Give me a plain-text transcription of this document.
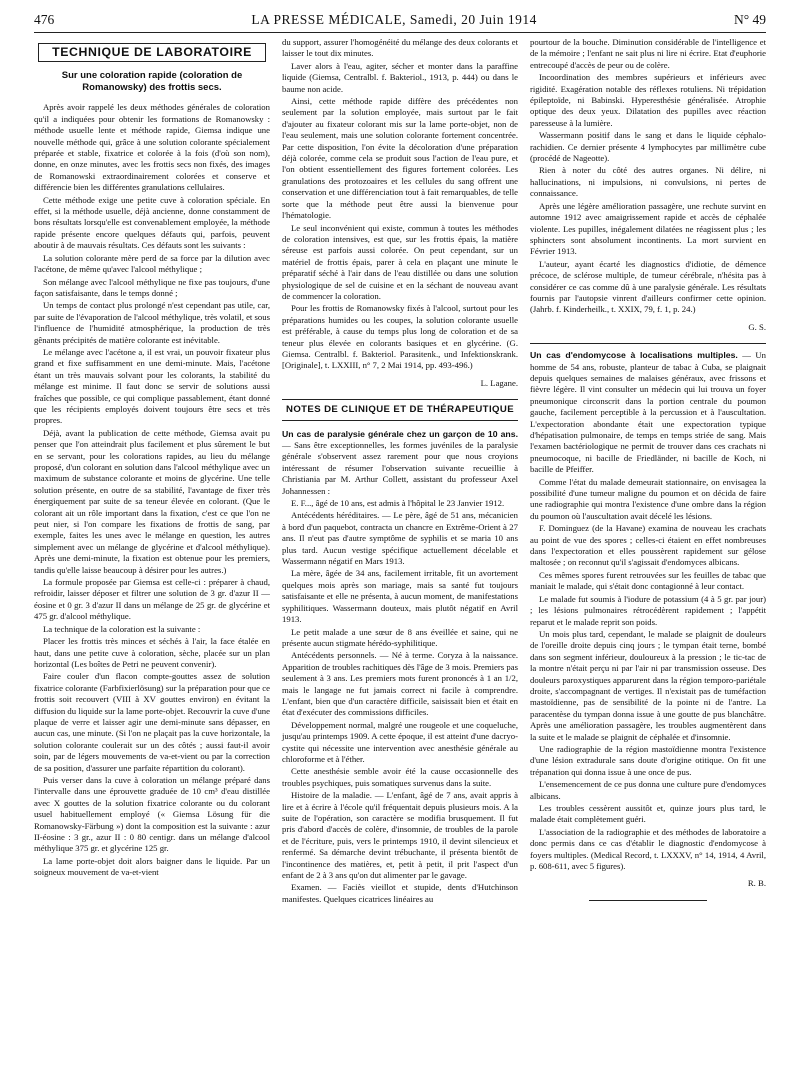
476	LA PRESSE MÉDICALE, Samedi, 20 Juin 1914	N° 49
TECHNIQUE DE LABORATOIRE
Sur une coloration rapide (coloration de Romanowsky) des frottis secs.

Après avoir rappelé les deux méthodes générales de coloration qu'il a indiquées pour obtenir les formations de Romanowsky : méthode usuelle lente et méthode rapide, Giemsa indique une nouvelle méthode qui, grâce à une solution colorante spécialement préparée et stable, fixatrice et colorée à la fois (d'où son nom), donne, en onze minutes, avec les frottis secs non fixés, des images de Romanowski extraordinairement colorées et conserve et différencie bien les différentes granulations cellulaires.

Cette méthode exige une petite cuve à coloration spéciale. En effet, si la méthode usuelle, déjà ancienne, donne constamment de bons résultats lorsqu'elle est convenablement employée, la méthode rapide présente encore quelques défauts qui, parfois, peuvent aboutir à de mauvais résultats. Ces défauts sont les suivants :

La solution colorante mère perd de sa force par la dilution avec l'acétone, de même qu'avec l'alcool méthylique ;

Son mélange avec l'alcool méthylique ne fixe pas toujours, d'une façon satisfaisante, dans le temps donné ;

Un temps de contact plus prolongé n'est cependant pas utile, car, par suite de l'évaporation de l'alcool méthylique, très volatil, et sous l'influence de l'humidité atmosphérique, la production de très gênants précipités de matière colorante est inévitable.

Le mélange avec l'acétone a, il est vrai, un pouvoir fixateur plus grand et fixe suffisamment en une demi-minute. Mais, l'acétone étant un très mauvais solvant pour les colorants, la stabilité du mélange est minime. Il faut donc se servir de solutions aussi fraîches que possible, ce qui complique passablement, étant donné que les récipients employés doivent toujours être secs et très propres.

Déjà, avant la publication de cette méthode, Giemsa avait pu penser que l'on atteindrait plus facilement et plus sûrement le but en se servant, pour les colorations rapides, au lieu du mélange proposé, d'un colorant en solution dans l'alcool méthylique avec un maximum de substance colorante et moins de glycérine. Une telle solution présente, en outre de sa stabilité, l'avantage de fixer très énergiquement par suite de sa teneur élevée en colorant. (Que le colorant ait un rôle important dans la fixation, c'est ce que l'on ne peut nier, si l'on compare les fixations de frottis de sang, par exemple, faites les unes avec le mélange en question, les autres simplement avec un mélange de glycérine et d'alcool méthylique). Après une demi-minute, la fixation est obtenue pour les premiers, tandis qu'elle laisse beaucoup à désirer pour les autres.)

La formule proposée par Giemsa est celle-ci : préparer à chaud, refroidir, laisser déposer et filtrer une solution de 3 gr. d'azur II — éosine et 0 gr. 3 d'azur II dans un mélange de 25 gr. de glycérine et 475 gr. d'alcool méthylique.

La technique de la coloration est la suivante :

Placer les frottis très minces et séchés à l'air, la face étalée en haut, dans une petite cuve à coloration, sèche, placée sur un plan horizontal (Les boîtes de Petri ne peuvent convenir).

Faire couler d'un flacon compte-gouttes assez de solution fixatrice colorante (Farbfixierlösung) sur la préparation pour que ce frottis soit recouvert (VIII à XV gouttes environ) en évitant la diffusion du liquide sur la lame porte-objet. Recouvrir la cuve d'une plaque de verre et laisser agir une demi-minute sans dépasser, en aucun cas, une minute. (Si l'on ne plaçait pas la cuve horizontale, la solution colorante coulerait sur un des côtés ; aussi faut-il avoir soin, par de légers mouvements de va-et-vient ou par la correction de sa position, d'assurer une parfaite répartition du colorant).

Puis verser dans la cuve à coloration un mélange préparé dans l'intervalle dans une éprouvette graduée de 10 cm³ d'eau distillée avec X gouttes de la solution fixatrice colorante ou du colorant usuel habituellement employé (« Giemsa Lösung für die Romanowsky-Färbung ») dont la composition est la suivante : azur II-éosine : 3 gr., azur II : 0 80 centigr. dans un mélange d'alcool méthylique 375 gr. et glycérine 125 gr.

La lame porte-objet doit alors baigner dans le liquide. Par un soigneux mouvement de va-et-vient

du support, assurer l'homogénéité du mélange des deux colorants et laisser le tout dix minutes.

Laver alors à l'eau, agiter, sécher et monter dans la paraffine liquide (Giemsa, Centralbl. f. Bakteriol., 1913, p. 444) ou dans le baume non acide.

Ainsi, cette méthode rapide diffère des précédentes non seulement par la solution employée, mais surtout par le fait d'ajouter au fixateur colorant mis sur la lame porte-objet, non de l'eau seulement, mais une solution colorante fortement concentrée. Par cette disposition, l'on évite la décoloration d'une préparation déjà colorée, comme cela se produit sous l'action de l'eau pure, et l'on obtient essentiellement des figures fortement colorées. Les granulations des protozoaires et les cellules du sang offrent une conservation et une différenciation tout à fait remarquables, de telle sorte que la méthode peut être aussi la bienvenue pour l'hématologie.

Le seul inconvénient qui existe, commun à toutes les méthodes de coloration intensives, est que, sur les frottis épais, la matière séreuse est parfois aussi colorée. On peut cependant, sur un matériel de frottis épais, parer à cela en plaçant une minute le préparatif séché à l'air dans de l'eau distillée ou dans une solution physiologique de sel de cuisine et en la séchant de nouveau avant de commencer la coloration.

Pour les frottis de Romanowsky fixés à l'alcool, surtout pour les préparations humides ou les coupes, la solution colorante usuelle est préférable, à cause du temps plus long de coloration et de sa teneur plus élevée en colorants basiques et en glycérine. (G. Giemsa. Centralbl. f. Bakteriol. Parasitenk., und Infektionskrank. [Originale], t. LXXIII, n° 7, 2 Mai 1914, pp. 493-496.)

L. Lagane.

NOTES DE CLINIQUE ET DE THÉRAPEUTIQUE

Un cas de paralysie générale chez un garçon de 10 ans. — Sans être exceptionnelles, les formes juvéniles de la paralysie générale s'observent assez rarement pour que nous croyions intéressant de résumer l'observation suivante recueillie à Christiania par M. Arthur Collett, assistant du professeur Axel Johannessen :

E. F..., âgé de 10 ans, est admis à l'hôpital le 23 Janvier 1912.

Antécédents héréditaires. — Le père, âgé de 51 ans, mécanicien à bord d'un paquebot, contracta un chancre en Extrême-Orient à 27 ans. Il n'eut pas d'autre symptôme de syphilis et se maria 10 ans plus tard. Aucun vestige spécifique actuellement décelable et Wassermann négatif en Mars 1913.

La mère, âgée de 34 ans, facilement irritable, fit un avortement quelques mois après son mariage, mais sa santé fut toujours satisfaisante et elle ne présenta, à aucun moment, de manifestations syphilitiques. Wassermann douteux, mais plutôt négatif en Avril 1913.

Le petit malade a une sœur de 8 ans éveillée et saine, qui ne présente aucun stigmate hérédo-syphilitique.

Antécédents personnels. — Né à terme. Coryza à la naissance. Apparition de troubles rachitiques dès l'âge de 3 mois. Premiers pas seulement à 3 ans. Les premiers mots furent prononcés à 1 an 1/2, mais le langage ne fut jamais correct ni facile à comprendre. L'enfant, bien que d'un caractère difficile, saisissait bien et était en état d'exécuter des commissions difficiles.

Développement normal, malgré une rougeole et une coqueluche, jusqu'au printemps 1909. A cette époque, il est atteint d'une dacryo-cystite qui nécessite une intervention avec anesthésie générale au chloroforme et à l'éther.

Cette anesthésie semble avoir été la cause occasionnelle des troubles psychiques, puis somatiques survenus dans la suite.

Histoire de la maladie. — L'enfant, âgé de 7 ans, avait appris à lire et à écrire à l'école qu'il fréquentait depuis plusieurs mois. A la suite de l'opération, son caractère se modifia brusquement. Il fut pris d'abord d'accès de colère, d'insomnie, de troubles de la parole et de l'écriture, puis, vers le printemps 1910, il devint silencieux et renfermé. Sa démarche devint trébuchante, il présenta bientôt de l'incontinence des matières, et, petit à petit, il prit l'aspect d'un enfant de 2 à 3 ans qu'on dut alimenter par le gavage.

Examen. — Faciès vieillot et stupide, dents d'Hutchinson manifestes. Quelques cicatrices linéaires au

pourtour de la bouche. Diminution considérable de l'intelligence et de la mémoire ; l'enfant ne sait plus ni lire ni écrire. Etat d'euphorie entrecoupé d'accès de peur ou de colère.

Incoordination des membres supérieurs et inférieurs avec rigidité. Exagération notable des réflexes rotuliens. Ni trépidation épileptoïde, ni Babinski. Hyperesthésie généralisée. Atrophie optique des deux yeux. Dilatation des pupilles avec réaction paresseuse à la lumière.

Wassermann positif dans le sang et dans le liquide céphalo-rachidien. Ce dernier présente 4 lymphocytes par millimètre cube (procédé de Nageotte).

Rien à noter du côté des autres organes. Ni délire, ni hallucinations, ni impulsions, ni convulsions, ni pertes de connaissance.

Après une légère amélioration passagère, une rechute survint en automne 1912 avec amaigrissement rapide et accès de céphalée violente. Les pupilles, inégalement dilatées ne réagissent plus ; les sphincters sont absolument incontinents. La mort survient en Février 1913.

L'auteur, ayant écarté les diagnostics d'idiotie, de démence précoce, de sclérose multiple, de tumeur cérébrale, n'hésita pas à considérer ce cas comme dû à une paralysie générale. Les résultats fournis par l'autopsie vinrent d'ailleurs confirmer cette opinion. (Jahrb. f. Kinderheilk., t. XXIX, 79, f. 1, p. 24.)

G. S.

Un cas d'endomycose à localisations multiples. — Un homme de 54 ans, robuste, planteur de tabac à Cuba, se plaignait depuis quelques semaines de malaises généraux, avec frissons et fièvre légère. Il vint consulter un médecin qui lui trouva un foyer pneumonique circonscrit dans la portion centrale du poumon gauche, facilement perceptible à la percussion et à l'auscultation. L'expectoration abondante était une expectoration typique d'hépatisation pulmonaire, de temps en temps striée de sang. Mais l'examen bactériologique ne permit de trouver dans ces crachats ni pneumocoque, ni bacille de Friedländer, ni bacille de Koch, ni bacille de Pfeiffer.

Comme l'état du malade demeurait stationnaire, on envisagea la possibilité d'une tumeur maligne du poumon et on décida de faire une radiographie qui montra l'existence d'une ombre dans la région du poumon où l'auscultation avait décelé les lésions.

F. Dominguez (de la Havane) examina de nouveau les crachats au point de vue des spores ; celles-ci étaient en effet nombreuses dans l'expectoration et elles poussèrent rapidement sur gélose maltosée ; on reconnut qu'il s'agissait d'endomyces albicans.

Ces mêmes spores furent retrouvées sur les feuilles de tabac que maniait le malade, qui s'était donc contagionné à leur contact.

Le malade fut soumis à l'iodure de potassium (4 à 5 gr. par jour) ; les lésions pulmonaires rétrocédèrent rapidement ; l'appétit reparut et le malade reprit son poids.

Un mois plus tard, cependant, le malade se plaignit de douleurs de l'oreille droite depuis cinq jours ; le tympan était terne, bombé dans son segment inférieur, douloureux à la pression ; le tic-tac de la montre n'était perçu ni par l'air ni par transmission osseuse. Des douleurs paroxystiques apparurent dans la région temporo-pariétale droite, s'accompagnant de vertiges. Il n'existait pas de tuméfaction mastoïdienne, pas de sensibilité de la pointe ni de l'antre. La paracentèse du tympan donna issue à une goutte de pus blanchâtre. Après une amélioration passagère, les troubles augmentèrent dans la suite et le malade se plaignit de céphalée et d'insomnie.

Une radiographie de la région mastoïdienne montra l'existence d'une lésion extradurale sans doute d'origine otitique. On fit une trépanation qui donna issue à une once de pus.

L'ensemencement de ce pus donna une culture pure d'endomyces albicans.

Les troubles cessèrent aussitôt et, quinze jours plus tard, le malade était complètement guéri.

L'association de la radiographie et des méthodes de laboratoire a donc permis dans ce cas d'établir le diagnostic d'endomycose à foyers multiples. (Medical Record, t. LXXXV, n° 14, 1914, 4 Avril, p. 608-611, avec 5 figures).

R. B.
